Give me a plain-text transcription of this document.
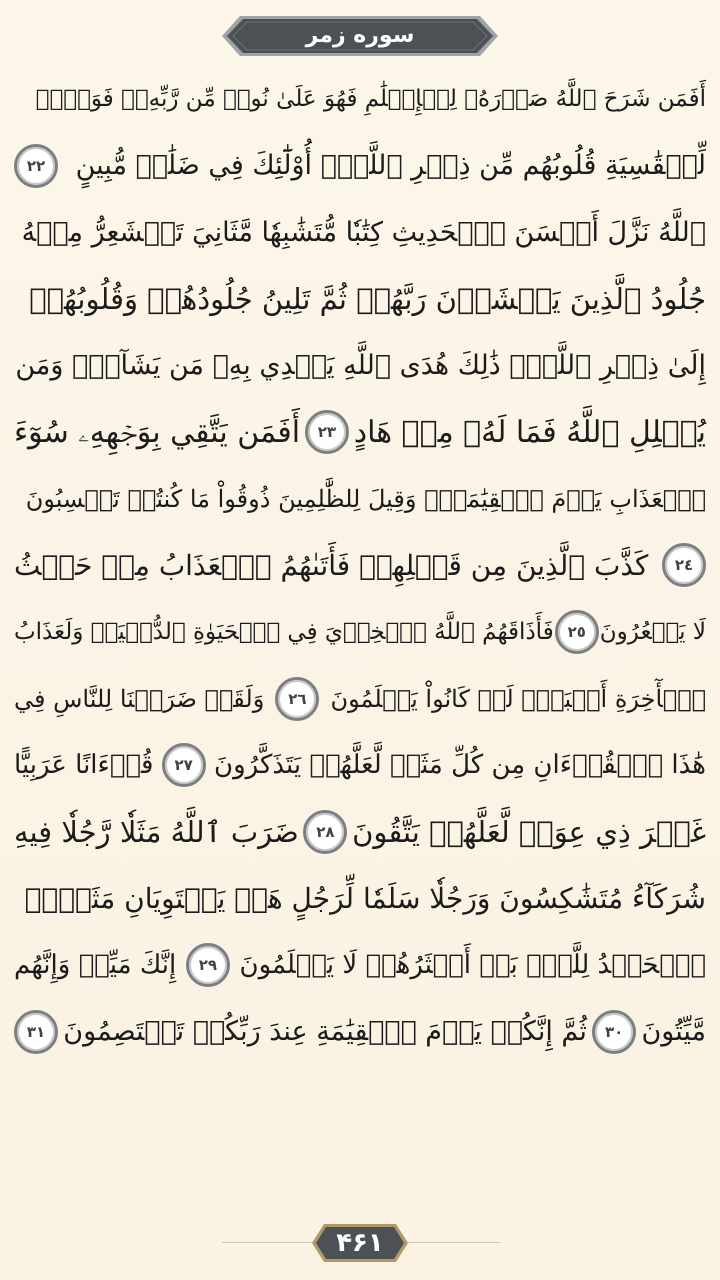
سوره زمر
أَفَمَن شَرَحَ ٱللَّهُ صَدۡرَهُۥ لِلۡإِسۡلَٰمِ فَهُوَ عَلَىٰ نُورٖ مِّن رَّبِّهِۦۚ فَوَيۡلٞ
لِّلۡقَٰسِيَةِ قُلُوبُهُم مِّن ذِكۡرِ ٱللَّهِۚ أُوْلَٰٓئِكَ فِي ضَلَٰلٖ مُّبِينٍ
٢٢
ٱللَّهُ نَزَّلَ أَحۡسَنَ ٱلۡحَدِيثِ كِتَٰبٗا مُّتَشَٰبِهٗا مَّثَانِيَ تَقۡشَعِرُّ مِنۡهُ
جُلُودُ ٱلَّذِينَ يَخۡشَوۡنَ رَبَّهُمۡ ثُمَّ تَلِينُ جُلُودُهُمۡ وَقُلُوبُهُمۡ
إِلَىٰ ذِكۡرِ ٱللَّهِۚ ذَٰلِكَ هُدَى ٱللَّهِ يَهۡدِي بِهِۦ مَن يَشَآءُۚ وَمَن
يُضۡلِلِ ٱللَّهُ فَمَا لَهُۥ مِنۡ هَادٍ
٢٣
أَفَمَن يَتَّقِي بِوَجۡهِهِۦ سُوٓءَ
ٱلۡعَذَابِ يَوۡمَ ٱلۡقِيَٰمَةِۚ وَقِيلَ لِلظَّٰلِمِينَ ذُوقُواْ مَا كُنتُمۡ تَكۡسِبُونَ
٢٤
كَذَّبَ ٱلَّذِينَ مِن قَبۡلِهِمۡ فَأَتَىٰهُمُ ٱلۡعَذَابُ مِنۡ حَيۡثُ
لَا يَشۡعُرُونَ
٢٥
فَأَذَاقَهُمُ ٱللَّهُ ٱلۡخِزۡيَ فِي ٱلۡحَيَوٰةِ ٱلدُّنۡيَاۖ وَلَعَذَابُ
ٱلۡأٓخِرَةِ أَكۡبَرُۚ لَوۡ كَانُواْ يَعۡلَمُونَ
٢٦
وَلَقَدۡ ضَرَبۡنَا لِلنَّاسِ فِي
هَٰذَا ٱلۡقُرۡءَانِ مِن كُلِّ مَثَلٖ لَّعَلَّهُمۡ يَتَذَكَّرُونَ
٢٧
قُرۡءَانًا عَرَبِيًّا
غَيۡرَ ذِي عِوَجٖ لَّعَلَّهُمۡ يَتَّقُونَ
٢٨
ضَرَبَ ٱللَّهُ مَثَلٗا رَّجُلٗا فِيهِ
شُرَكَآءُ مُتَشَٰكِسُونَ وَرَجُلٗا سَلَمٗا لِّرَجُلٍ هَلۡ يَسۡتَوِيَانِ مَثَلًاۚ
ٱلۡحَمۡدُ لِلَّهِۚ بَلۡ أَكۡثَرُهُمۡ لَا يَعۡلَمُونَ
٢٩
إِنَّكَ مَيِّتٞ وَإِنَّهُم
مَّيِّتُونَ
٣٠
ثُمَّ إِنَّكُمۡ يَوۡمَ ٱلۡقِيَٰمَةِ عِندَ رَبِّكُمۡ تَخۡتَصِمُونَ
٣١
۴۶۱
